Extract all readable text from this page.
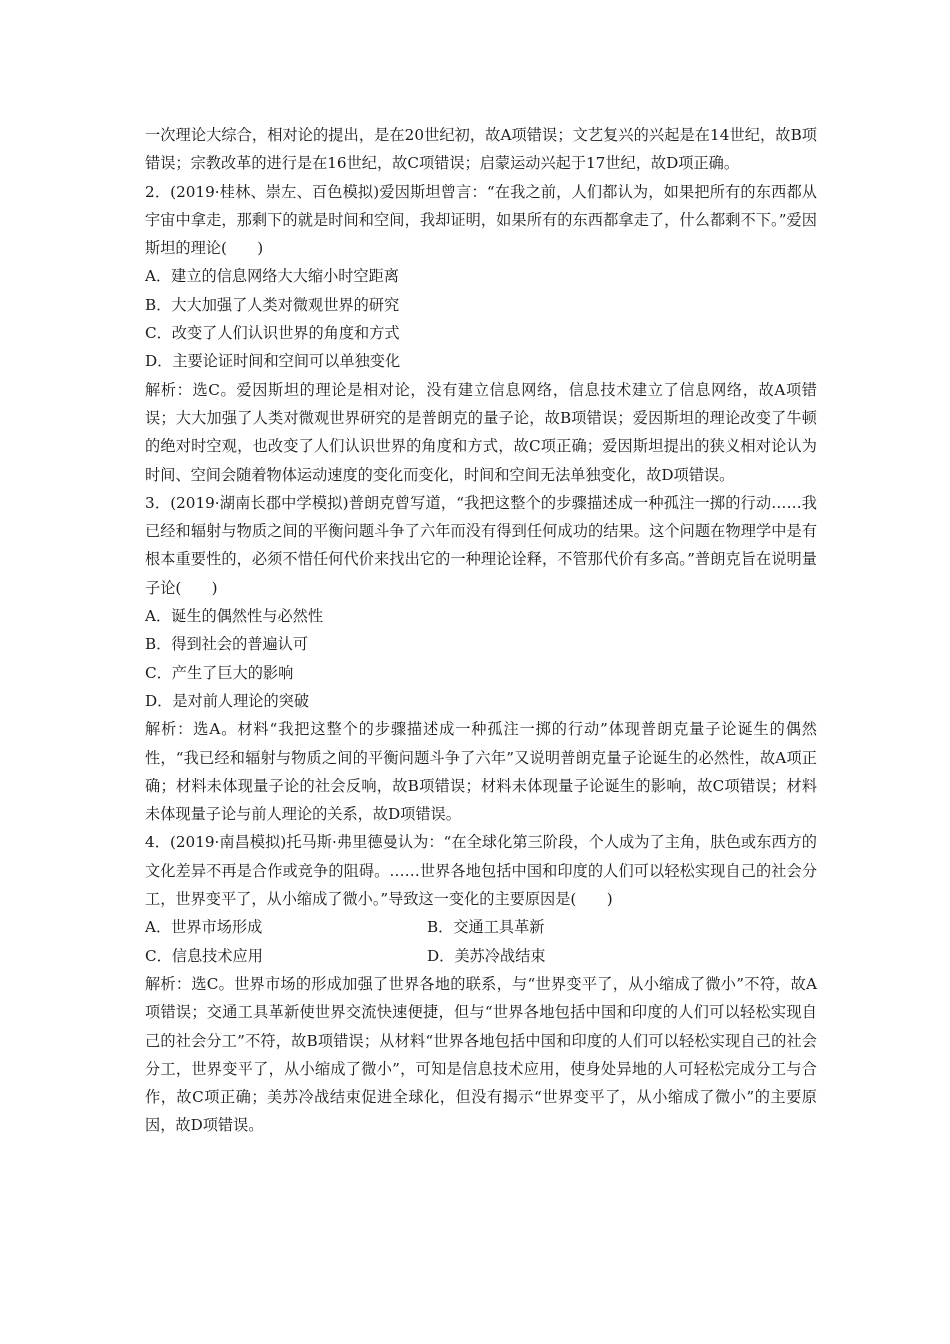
一次理论大综合，相对论的提出，是在20世纪初，故A项错误；文艺复兴的兴起是在14世纪，故B项错误；宗教改革的进行是在16世纪，故C项错误；启蒙运动兴起于17世纪，故D项正确。

2．(2019·桂林、崇左、百色模拟)爱因斯坦曾言：“在我之前，人们都认为，如果把所有的东西都从宇宙中拿走，那剩下的就是时间和空间，我却证明，如果所有的东西都拿走了，什么都剩不下。”爱因斯坦的理论(　　)

A．建立的信息网络大大缩小时空距离

B．大大加强了人类对微观世界的研究

C．改变了人们认识世界的角度和方式

D．主要论证时间和空间可以单独变化

解析：选C。爱因斯坦的理论是相对论，没有建立信息网络，信息技术建立了信息网络，故A项错误；大大加强了人类对微观世界研究的是普朗克的量子论，故B项错误；爱因斯坦的理论改变了牛顿的绝对时空观，也改变了人们认识世界的角度和方式，故C项正确；爱因斯坦提出的狭义相对论认为时间、空间会随着物体运动速度的变化而变化，时间和空间无法单独变化，故D项错误。

3．(2019·湖南长郡中学模拟)普朗克曾写道，“我把这整个的步骤描述成一种孤注一掷的行动……我已经和辐射与物质之间的平衡问题斗争了六年而没有得到任何成功的结果。这个问题在物理学中是有根本重要性的，必须不惜任何代价来找出它的一种理论诠释，不管那代价有多高。”普朗克旨在说明量子论(　　)

A．诞生的偶然性与必然性

B．得到社会的普遍认可

C．产生了巨大的影响

D．是对前人理论的突破

解析：选A。材料“我把这整个的步骤描述成一种孤注一掷的行动”体现普朗克量子论诞生的偶然性，“我已经和辐射与物质之间的平衡问题斗争了六年”又说明普朗克量子论诞生的必然性，故A项正确；材料未体现量子论的社会反响，故B项错误；材料未体现量子论诞生的影响，故C项错误；材料未体现量子论与前人理论的关系，故D项错误。

4．(2019·南昌模拟)托马斯·弗里德曼认为：“在全球化第三阶段，个人成为了主角，肤色或东西方的文化差异不再是合作或竞争的阻碍。……世界各地包括中国和印度的人们可以轻松实现自己的社会分工，世界变平了，从小缩成了微小。”导致这一变化的主要原因是(　　)

A．世界市场形成	B．交通工具革新
C．信息技术应用	D．美苏冷战结束

解析：选C。世界市场的形成加强了世界各地的联系，与“世界变平了，从小缩成了微小”不符，故A项错误；交通工具革新使世界交流快速便捷，但与“世界各地包括中国和印度的人们可以轻松实现自己的社会分工”不符，故B项错误；从材料“世界各地包括中国和印度的人们可以轻松实现自己的社会分工，世界变平了，从小缩成了微小”，可知是信息技术应用，使身处异地的人可轻松完成分工与合作，故C项正确；美苏冷战结束促进全球化，但没有揭示“世界变平了，从小缩成了微小”的主要原因，故D项错误。
